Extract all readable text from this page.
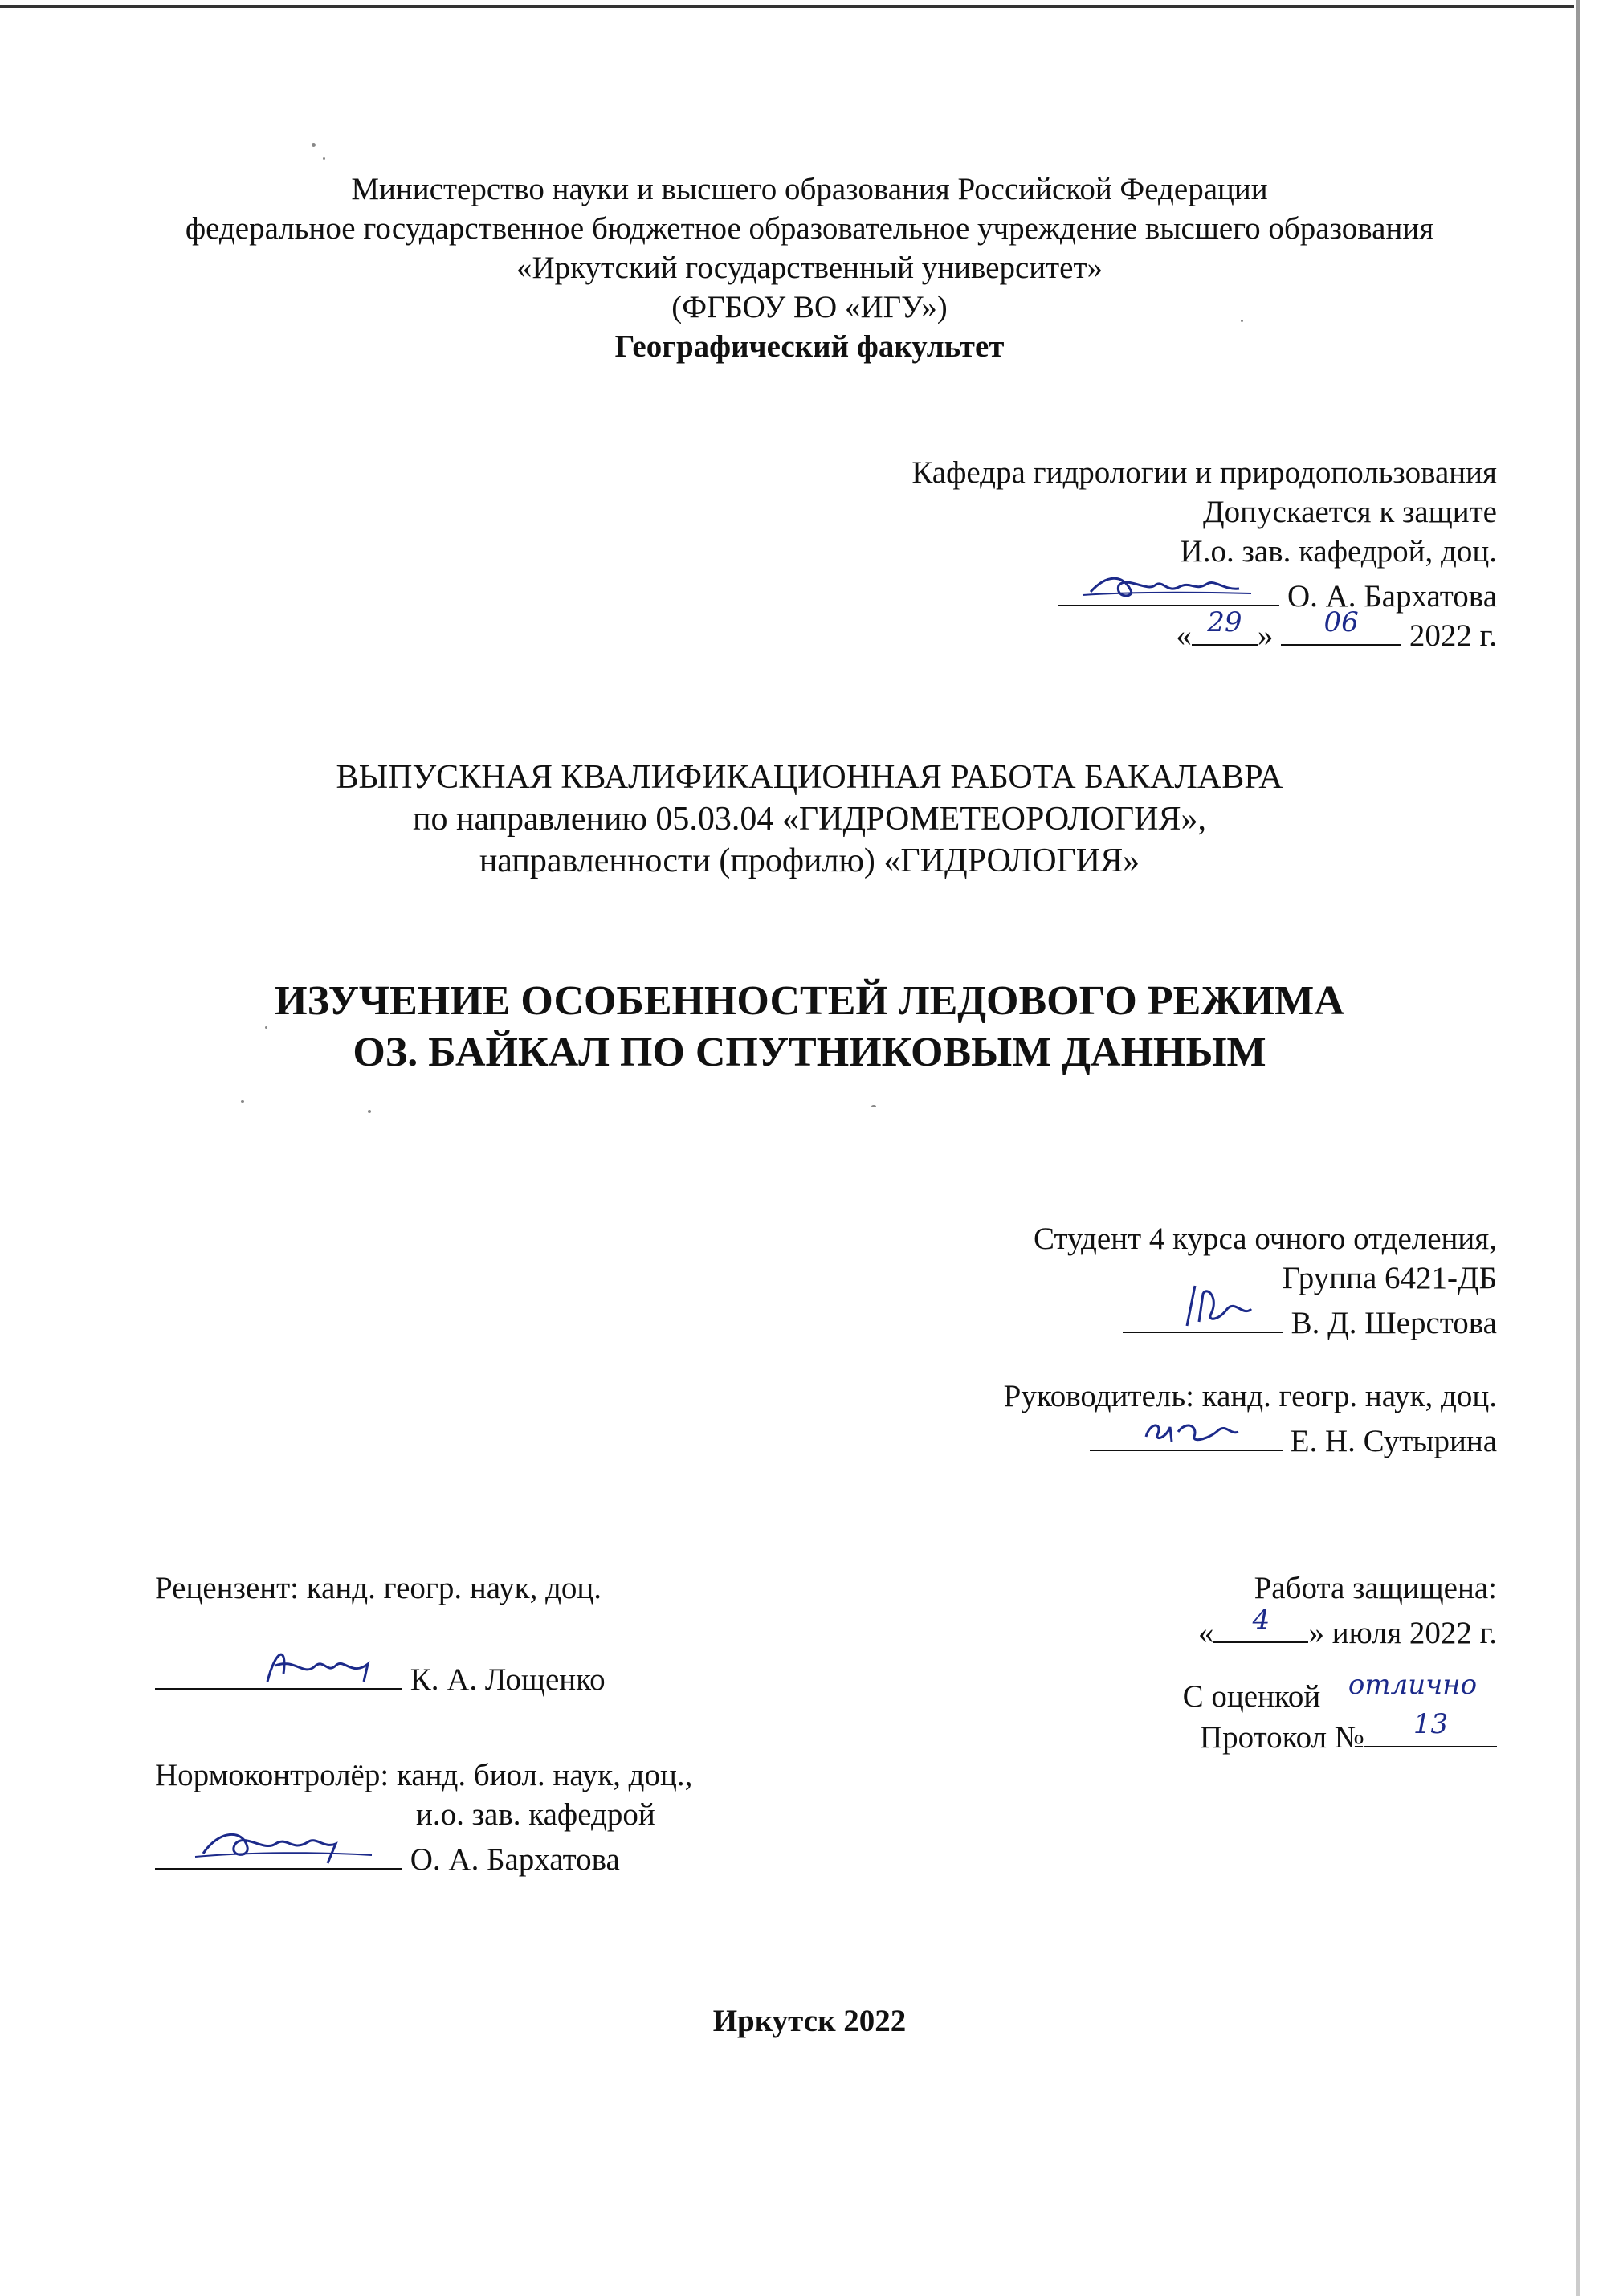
Министерство науки и высшего образования Российской Федерации
федеральное государственное бюджетное образовательное учреждение высшего образования
«Иркутский государственный университет»
(ФГБОУ ВО «ИГУ»)
Географический факультет
Кафедра гидрологии и природопользования
Допускается к защите
И.о. зав. кафедрой, доц.
О. А. Бархатова
« 29 »	06	2022 г.
ВЫПУСКНАЯ КВАЛИФИКАЦИОННАЯ РАБОТА БАКАЛАВРА
по направлению 05.03.04 «ГИДРОМЕТЕОРОЛОГИЯ»,
направленности (профилю) «ГИДРОЛОГИЯ»
ИЗУЧЕНИЕ ОСОБЕННОСТЕЙ ЛЕДОВОГО РЕЖИМА
ОЗ. БАЙКАЛ ПО СПУТНИКОВЫМ ДАННЫМ
Студент 4 курса очного отделения,
Группа 6421-ДБ
В. Д. Шерстова
Руководитель: канд. геогр. наук, доц.
Е. Н. Сутырина
Рецензент: канд. геогр. наук, доц.
К. А. Лощенко
Работа защищена:
«	4	» июля 2022 г.
С оценкой	отлично
Протокол №	13
Нормоконтролёр: канд. биол. наук, доц.,
и.о. зав. кафедрой
О. А. Бархатова
Иркутск 2022
